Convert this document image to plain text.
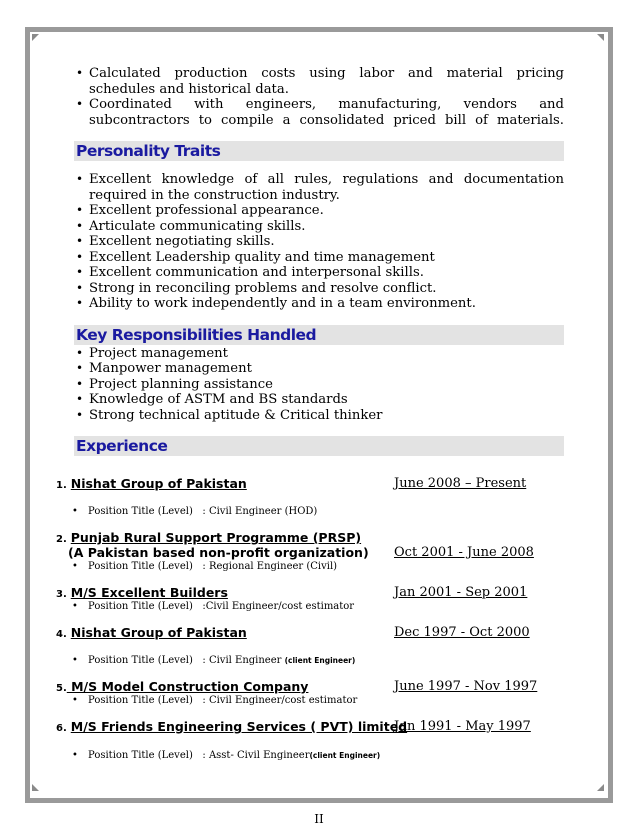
• Calculated production costs using labor and material pricing schedules and historical data.
• Coordinated with engineers, manufacturing, vendors and subcontractors to compile a consolidated priced bill of materials.
Personality Traits
• Excellent knowledge of all rules, regulations and documentation required in the construction industry.
• Excellent professional appearance.
• Articulate communicating skills.
• Excellent negotiating skills.
• Excellent Leadership quality and time management
• Excellent communication and interpersonal skills.
• Strong in reconciling problems and resolve conflict.
• Ability to work independently and in a team environment.
Key Responsibilities Handled
• Project management
• Manpower management
• Project planning assistance
• Knowledge of ASTM and BS standards
• Strong technical aptitude & Critical thinker
Experience
1. Nishat Group of Pakistan	June 2008 – Present
• Position Title (Level) : Civil Engineer (HOD)
2. Punjab Rural Support Programme (PRSP)
(A Pakistan based non-profit organization)	Oct 2001 - June 2008
• Position Title (Level) : Regional Engineer (Civil)
3. M/S Excellent Builders	Jan 2001 - Sep 2001
• Position Title (Level) :Civil Engineer/cost estimator
4. Nishat Group of Pakistan	Dec 1997 - Oct 2000
• Position Title (Level) : Civil Engineer (client Engineer)
5. M/S Model Construction Company	June 1997 - Nov 1997
• Position Title (Level) : Civil Engineer/cost estimator
6. M/S Friends Engineering Services ( PVT) limited
Jan 1991 - May 1997
• Position Title (Level) : Asst- Civil Engineer(client Engineer)
II
